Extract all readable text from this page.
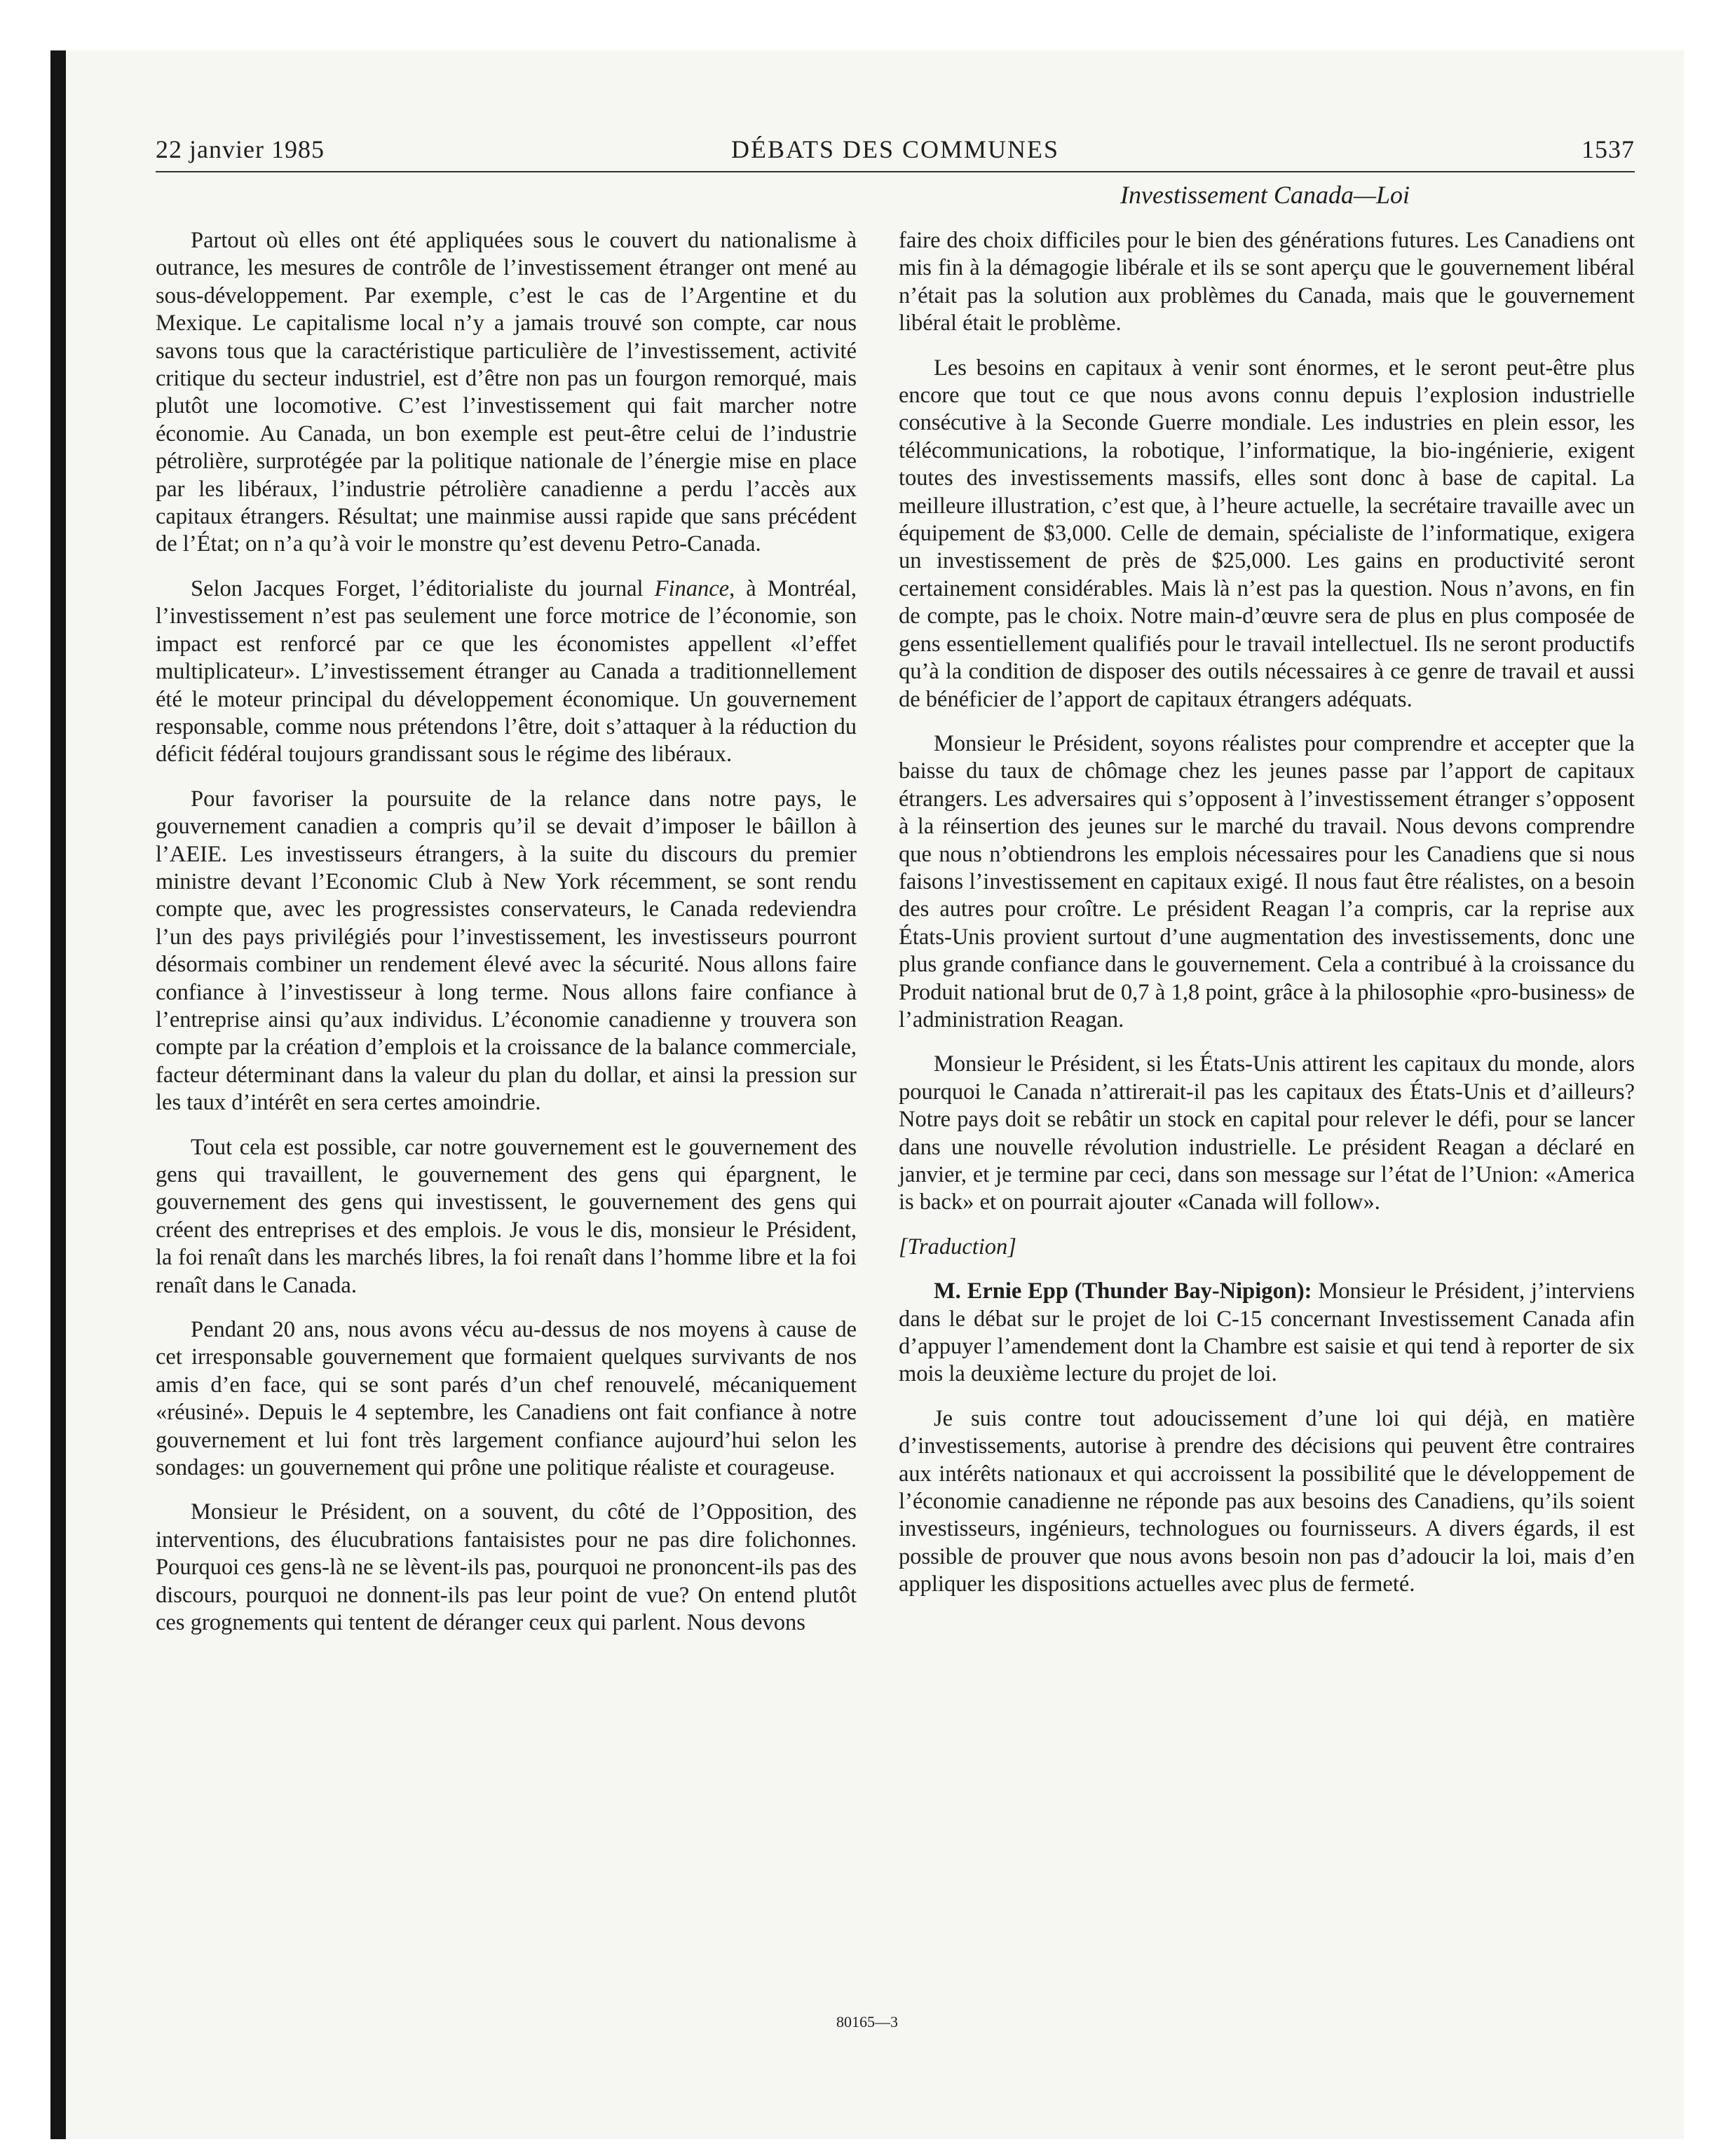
22 janvier 1985	DÉBATS DES COMMUNES	1537
Investissement Canada—Loi

Partout où elles ont été appliquées sous le couvert du nationalisme à outrance, les mesures de contrôle de l’investissement étranger ont mené au sous-développement. Par exemple, c’est le cas de l’Argentine et du Mexique. Le capitalisme local n’y a jamais trouvé son compte, car nous savons tous que la caractéristique particulière de l’investissement, activité critique du secteur industriel, est d’être non pas un fourgon remorqué, mais plutôt une locomotive. C’est l’investissement qui fait marcher notre économie. Au Canada, un bon exemple est peut-être celui de l’industrie pétrolière, surprotégée par la politique nationale de l’énergie mise en place par les libéraux, l’industrie pétrolière canadienne a perdu l’accès aux capitaux étrangers. Résultat; une mainmise aussi rapide que sans précédent de l’État; on n’a qu’à voir le monstre qu’est devenu Petro-Canada.

Selon Jacques Forget, l’éditorialiste du journal Finance, à Montréal, l’investissement n’est pas seulement une force motrice de l’économie, son impact est renforcé par ce que les économistes appellent «l’effet multiplicateur». L’investissement étranger au Canada a traditionnellement été le moteur principal du développement économique. Un gouvernement responsable, comme nous prétendons l’être, doit s’attaquer à la réduction du déficit fédéral toujours grandissant sous le régime des libéraux.

Pour favoriser la poursuite de la relance dans notre pays, le gouvernement canadien a compris qu’il se devait d’imposer le bâillon à l’AEIE. Les investisseurs étrangers, à la suite du discours du premier ministre devant l’Economic Club à New York récemment, se sont rendu compte que, avec les progressistes conservateurs, le Canada redeviendra l’un des pays privilégiés pour l’investissement, les investisseurs pourront désormais combiner un rendement élevé avec la sécurité. Nous allons faire confiance à l’investisseur à long terme. Nous allons faire confiance à l’entreprise ainsi qu’aux individus. L’économie canadienne y trouvera son compte par la création d’emplois et la croissance de la balance commerciale, facteur déterminant dans la valeur du plan du dollar, et ainsi la pression sur les taux d’intérêt en sera certes amoindrie.

Tout cela est possible, car notre gouvernement est le gouvernement des gens qui travaillent, le gouvernement des gens qui épargnent, le gouvernement des gens qui investissent, le gouvernement des gens qui créent des entreprises et des emplois. Je vous le dis, monsieur le Président, la foi renaît dans les marchés libres, la foi renaît dans l’homme libre et la foi renaît dans le Canada.

Pendant 20 ans, nous avons vécu au-dessus de nos moyens à cause de cet irresponsable gouvernement que formaient quelques survivants de nos amis d’en face, qui se sont parés d’un chef renouvelé, mécaniquement «réusiné». Depuis le 4 septembre, les Canadiens ont fait confiance à notre gouvernement et lui font très largement confiance aujourd’hui selon les sondages: un gouvernement qui prône une politique réaliste et courageuse.

Monsieur le Président, on a souvent, du côté de l’Opposition, des interventions, des élucubrations fantaisistes pour ne pas dire folichonnes. Pourquoi ces gens-là ne se lèvent-ils pas, pourquoi ne prononcent-ils pas des discours, pourquoi ne donnent-ils pas leur point de vue? On entend plutôt ces grognements qui tentent de déranger ceux qui parlent. Nous devons

faire des choix difficiles pour le bien des générations futures. Les Canadiens ont mis fin à la démagogie libérale et ils se sont aperçu que le gouvernement libéral n’était pas la solution aux problèmes du Canada, mais que le gouvernement libéral était le problème.

Les besoins en capitaux à venir sont énormes, et le seront peut-être plus encore que tout ce que nous avons connu depuis l’explosion industrielle consécutive à la Seconde Guerre mondiale. Les industries en plein essor, les télécommunications, la robotique, l’informatique, la bio-ingénierie, exigent toutes des investissements massifs, elles sont donc à base de capital. La meilleure illustration, c’est que, à l’heure actuelle, la secrétaire travaille avec un équipement de $3,000. Celle de demain, spécialiste de l’informatique, exigera un investissement de près de $25,000. Les gains en productivité seront certainement considérables. Mais là n’est pas la question. Nous n’avons, en fin de compte, pas le choix. Notre main-d’œuvre sera de plus en plus composée de gens essentiellement qualifiés pour le travail intellectuel. Ils ne seront productifs qu’à la condition de disposer des outils nécessaires à ce genre de travail et aussi de bénéficier de l’apport de capitaux étrangers adéquats.

Monsieur le Président, soyons réalistes pour comprendre et accepter que la baisse du taux de chômage chez les jeunes passe par l’apport de capitaux étrangers. Les adversaires qui s’opposent à l’investissement étranger s’opposent à la réinsertion des jeunes sur le marché du travail. Nous devons comprendre que nous n’obtiendrons les emplois nécessaires pour les Canadiens que si nous faisons l’investissement en capitaux exigé. Il nous faut être réalistes, on a besoin des autres pour croître. Le président Reagan l’a compris, car la reprise aux États-Unis provient surtout d’une augmentation des investissements, donc une plus grande confiance dans le gouvernement. Cela a contribué à la croissance du Produit national brut de 0,7 à 1,8 point, grâce à la philosophie «pro-business» de l’administration Reagan.

Monsieur le Président, si les États-Unis attirent les capitaux du monde, alors pourquoi le Canada n’attirerait-il pas les capitaux des États-Unis et d’ailleurs? Notre pays doit se rebâtir un stock en capital pour relever le défi, pour se lancer dans une nouvelle révolution industrielle. Le président Reagan a déclaré en janvier, et je termine par ceci, dans son message sur l’état de l’Union: «America is back» et on pourrait ajouter «Canada will follow».

[Traduction]

M. Ernie Epp (Thunder Bay-Nipigon): Monsieur le Président, j’interviens dans le débat sur le projet de loi C-15 concernant Investissement Canada afin d’appuyer l’amendement dont la Chambre est saisie et qui tend à reporter de six mois la deuxième lecture du projet de loi.

Je suis contre tout adoucissement d’une loi qui déjà, en matière d’investissements, autorise à prendre des décisions qui peuvent être contraires aux intérêts nationaux et qui accroissent la possibilité que le développement de l’économie canadienne ne réponde pas aux besoins des Canadiens, qu’ils soient investisseurs, ingénieurs, technologues ou fournisseurs. A divers égards, il est possible de prouver que nous avons besoin non pas d’adoucir la loi, mais d’en appliquer les dispositions actuelles avec plus de fermeté.

80165—3
